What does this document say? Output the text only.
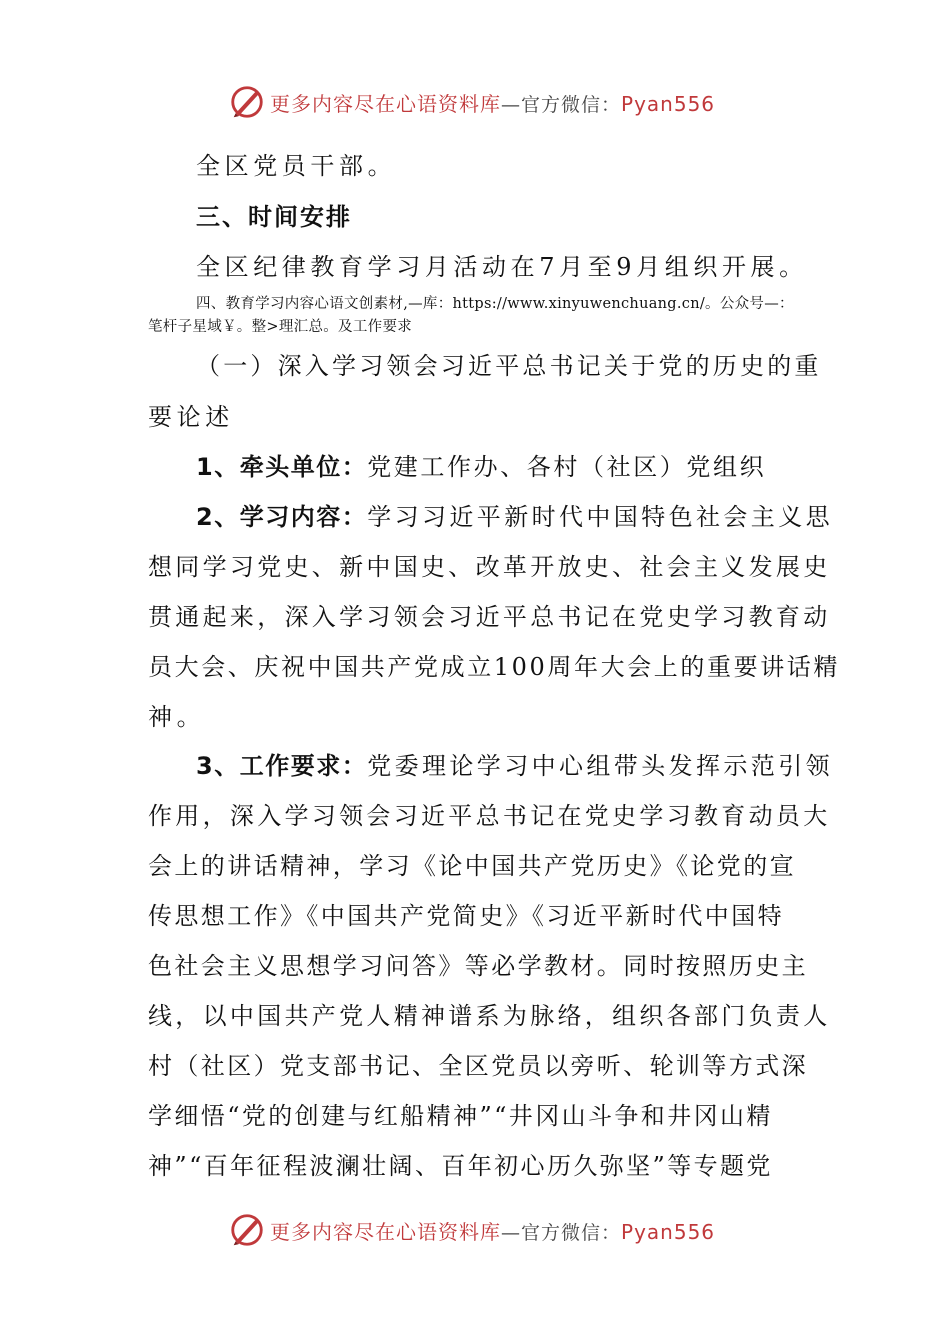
更多内容尽在心语资料库—官方微信：Pyan556
全区党员干部。
三、时间安排
全区纪律教育学习月活动在7月至9月组织开展。
四、教育学习内容心语文创素材,—库：https://www.xinyuwenchuang.cn/。公众号—：
笔杆子星域￥。整>理汇总。及工作要求
（一）深入学习领会习近平总书记关于党的历史的重
要论述
1、牵头单位：党建工作办、各村（社区）党组织
2、学习内容：学习习近平新时代中国特色社会主义思
想同学习党史、新中国史、改革开放史、社会主义发展史
贯通起来，深入学习领会习近平总书记在党史学习教育动
员大会、庆祝中国共产党成立100周年大会上的重要讲话精
神。
3、工作要求：党委理论学习中心组带头发挥示范引领
作用，深入学习领会习近平总书记在党史学习教育动员大
会上的讲话精神，学习《论中国共产党历史》《论党的宣
传思想工作》《中国共产党简史》《习近平新时代中国特
色社会主义思想学习问答》等必学教材。同时按照历史主
线，以中国共产党人精神谱系为脉络，组织各部门负责人
村（社区）党支部书记、全区党员以旁听、轮训等方式深
学细悟“党的创建与红船精神”“井冈山斗争和井冈山精
神”“百年征程波澜壮阔、百年初心历久弥坚”等专题党
更多内容尽在心语资料库—官方微信：Pyan556
